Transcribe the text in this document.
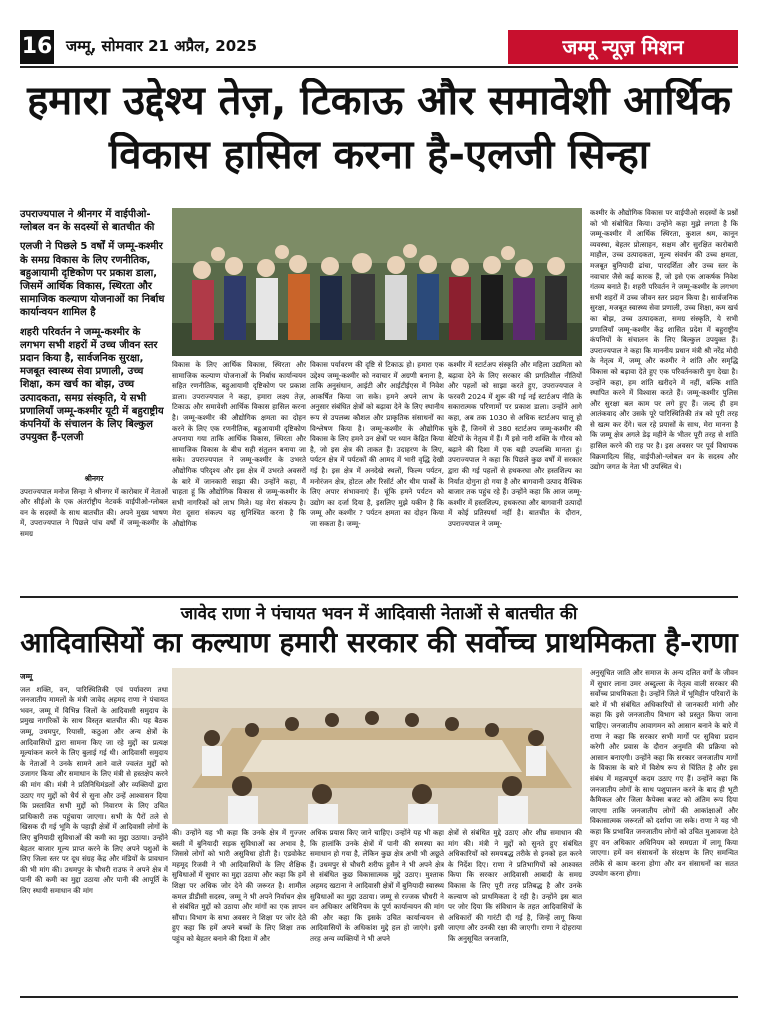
16 जम्मू, सोमवार 21 अप्रैल, 2025	जम्मू न्यूज़ मिशन
हमारा उद्देश्य तेज़, टिकाऊ और समावेशी आर्थिक
विकास हासिल करना है-एलजी सिन्हा

उपराज्यपाल ने श्रीनगर में वाईपीओ-ग्लोबल वन के सदस्यों से बातचीत की

एलजी ने पिछले 5 वर्षों में जम्मू-कश्मीर के समग्र विकास के लिए रणनीतिक, बहुआयामी दृष्टिकोण पर प्रकाश डाला, जिसमें आर्थिक विकास, स्थिरता और सामाजिक कल्याण योजनाओं का निर्बाध कार्यान्वयन शामिल है

शहरी परिवर्तन ने जम्मू-कश्मीर के लगभग सभी शहरों में उच्च जीवन स्तर प्रदान किया है, सार्वजनिक सुरक्षा, मजबूत स्वास्थ्य सेवा प्रणाली, उच्च शिक्षा, कम खर्च का बोझ, उच्च उत्पादकता, समग्र संस्कृति, ये सभी प्रणालियाँ जम्मू-कश्मीर यूटी में बहुराष्ट्रीय कंपनियों के संचालन के लिए बिल्कुल उपयुक्त हैं-एलजी

श्रीनगर

उपराज्यपाल मनोज सिन्हा ने श्रीनगर में कारोबार में नेताओं और सीईओ के एक अंतर्राष्ट्रीय नेटवर्क वाईपीओ-ग्लोबल वन के सदस्यों के साथ बातचीत की। अपने मुख्य भाषण में, उपराज्यपाल ने पिछले पांच वर्षों में जम्मू-कश्मीर के समग्र

विकास के लिए आर्थिक विकास, स्थिरता और सामाजिक कल्याण योजनाओं के निर्बाध कार्यान्वयन सहित रणनीतिक, बहुआयामी दृष्टिकोण पर प्रकाश डाला। उपराज्यपाल ने कहा, हमारा लक्ष्य तेज़, टिकाऊ और समावेशी आर्थिक विकास हासिल करना है। जम्मू-कश्मीर की औद्योगिक क्षमता का दोहन करने के लिए एक रणनीतिक, बहुआयामी दृष्टिकोण अपनाया गया ताकि आर्थिक विकास, स्थिरता और सामाजिक विकास के बीच सही संतुलन बनाया जा सके। उपराज्यपाल ने जम्मू-कश्मीर के उभरते औद्योगिक परिदृश्य और इस क्षेत्र में उभरते अवसरों के बारे में जानकारी साझा की। उन्होंने कहा, मैं चाहता हूं कि औद्योगिक विकास से जम्मू-कश्मीर के सभी नागरिकों को लाभ मिले। यह मेरा संकल्प है। मेरा दूसरा संकल्प यह सुनिश्चित करना है कि औद्योगिक

विकास पर्यावरण की दृष्टि से टिकाऊ हो। हमारा एक उद्देश्य जम्मू-कश्मीर को नवाचार में अग्रणी बनाना है, ताकि अनुसंधान, आईटी और आईटीईएस में निवेश आकर्षित किया जा सके। हमने अपने लाभ के अनुसार संबंधित क्षेत्रों को बढ़ावा देने के लिए स्थानीय रूप से उपलब्ध कौशल और प्राकृतिक संसाधनों का विश्लेषण किया है। जम्मू-कश्मीर के औद्योगिक विकास के लिए हमने उन क्षेत्रों पर ध्यान केंद्रित किया है, जो इस क्षेत्र की ताकत हैं। उदाहरण के लिए, पर्यटन क्षेत्र में पर्यटकों की आमद में भारी वृद्धि देखी गई है। इस क्षेत्र में अनदेखे स्थलों, फिल्म पर्यटन, मनोरंजन क्षेत्र, होटल और रिसॉर्ट और थीम पार्कों के लिए अपार संभावनाएं हैं। चूंकि हमने पर्यटन को उद्योग का दर्जा दिया है, इसलिए मुझे यकीन है कि जम्मू और कश्मीर ? पर्यटन क्षमता का दोहन किया जा सकता है। जम्मू-

कश्मीर में स्टार्टअप संस्कृति और महिला उद्यमिता को बढ़ावा देने के लिए सरकार की प्रगतिशील नीतियों और पहलों को साझा करते हुए, उपराज्यपाल ने फरवरी 2024 में शुरू की गई नई स्टार्टअप नीति के सकारात्मक परिणामों पर प्रकाश डाला। उन्होंने आगे कहा, अब तक 1030 से अधिक स्टार्टअप चालू हो चुके हैं, जिनमें से 380 स्टार्टअप जम्मू-कश्मीर की बेटियों के नेतृत्व में हैं। मैं इसे नारी शक्ति के गौरव को बढ़ाने की दिशा में एक बड़ी उपलब्धि मानता हूं। उपराज्यपाल ने कहा कि पिछले कुछ वर्षों में सरकार द्वारा की गई पहलों से हथकरघा और हस्तशिल्प का निर्यात दोगुना हो गया है और बागवानी उत्पाद वैश्विक बाजार तक पहुंच रहे हैं। उन्होंने कहा कि आज जम्मू-कश्मीर में हस्तशिल्प, हथकरघा और बागवानी उत्पादों में कोई प्रतिस्पर्धा नहीं है। बातचीत के दौरान, उपराज्यपाल ने जम्मू-

कश्मीर के औद्योगिक विकास पर वाईपीओ सदस्यों के प्रश्नों को भी संबोधित किया। उन्होंने कहा मुझे लगता है कि जम्मू-कश्मीर में आर्थिक स्थिरता, कुशल श्रम, कानून व्यवस्था, बेहतर प्रोत्साहन, सक्षम और सुरक्षित कारोबारी माहौल, उच्च उत्पादकता, मूल्य संवर्धन की उच्च क्षमता, मजबूत बुनियादी ढांचा, पारदर्शिता और उच्च स्तर के नवाचार जैसे कई कारक हैं, जो इसे एक आकर्षक निवेश गंतव्य बनाते हैं। शहरी परिवर्तन ने जम्मू-कश्मीर के लगभग सभी शहरों में उच्च जीवन स्तर प्रदान किया है। सार्वजनिक सुरक्षा, मजबूत स्वास्थ्य सेवा प्रणाली, उच्च शिक्षा, कम खर्च का बोझ, उच्च उत्पादकता, समग्र संस्कृति, ये सभी प्रणालियाँ जम्मू-कश्मीर केंद्र शासित प्रदेश में बहुराष्ट्रीय कंपनियों के संचालन के लिए बिल्कुल उपयुक्त हैं। उपराज्यपाल ने कहा कि माननीय प्रधान मंत्री श्री नरेंद्र मोदी के नेतृत्व में, जम्मू और कश्मीर ने शांति और समृद्धि विकास को बढ़ावा देते हुए एक परिवर्तनकारी युग देखा है। उन्होंने कहा, हम शांति खरीदने में नहीं, बल्कि शांति स्थापित करने में विश्वास करते हैं। जम्मू-कश्मीर पुलिस और सुरक्षा बल काम पर लगे हुए हैं। जल्द ही हम आतंकवाद और उसके पूरे पारिस्थितिकी तंत्र को पूरी तरह से खत्म कर देंगे। चल रहे प्रयासों के साथ, मेरा मानना है कि जम्मू क्षेत्र अगले डेढ़ महीने के भीतर पूरी तरह से शांति हासिल करने की राह पर है। इस अवसर पर पूर्व विधायक विक्रमादित्य सिंह, वाईपीओ-ग्लोबल वन के सदस्य और उद्योग जगत के नेता भी उपस्थित थे।

जावेद राणा ने पंचायत भवन में आदिवासी नेताओं से बातचीत की
आदिवासियों का कल्याण हमारी सरकार की सर्वोच्च प्राथमिकता है-राणा
जम्मू

जल शक्ति, वन, पारिस्थितिकी एवं पर्यावरण तथा जनजातीय मामलों के मंत्री जावेद अहमद राणा ने पंचायत भवन, जम्मू में विभिन्न जिलों के आदिवासी समुदाय के प्रमुख नागरिकों के साथ विस्तृत बातचीत की। यह बैठक जम्मू, उधमपुर, रियासी, कठुआ और अन्य क्षेत्रों के आदिवासियों द्वारा सामना किए जा रहे मुद्दों का प्रत्यक्ष मूल्यांकन करने के लिए बुलाई गई थी। आदिवासी समुदाय के नेताओं ने उनके सामने आने वाले ज्वलंत मुद्दों को उजागर किया और समाधान के लिए मंत्री से हस्तक्षेप करने की मांग की। मंत्री ने प्रतिनिधिमंडलों और व्यक्तियों द्वारा उठाए गए मुद्दों को धैर्य से सुना और उन्हें आश्वासन दिया कि प्रस्तावित सभी मुद्दों को निवारण के लिए उचित प्राधिकारी तक पहुंचाया जाएगा। सभी के पैरों तले से खिसक दी गई भूमि के पहाड़ी क्षेत्रों में आदिवासी लोगों के लिए बुनियादी सुविधाओं की कमी का मुद्दा उठाया। उन्होंने बेहतर बाजार मूल्य प्राप्त करने के लिए अपने पशुओं के लिए जिला स्तर पर दूध संग्रह केंद्र और मंडियों के प्रावधान की भी मांग की। उधमपुर के चौधरी राउफ ने अपने क्षेत्र में पानी की कमी का मुद्दा उठाया और पानी की आपूर्ति के लिए स्थायी समाधान की मांग

की। उन्होंने यह भी कहा कि उनके क्षेत्र में गुज्जर बस्ती में बुनियादी सड़क सुविधाओं का अभाव है, जिससे लोगों को भारी असुविधा होती है। एडवोकेट महमूद रिजवी ने भी आदिवासियों के लिए शैक्षिक सुविधाओं में सुधार का मुद्दा उठाया और कहा कि हमें शिक्षा पर अधिक जोर देने की जरूरत है। शामील कमल डीडीसी सदस्य, जम्मू ने भी अपने निर्वाचन क्षेत्र से संबंधित मुद्दों को उठाया और मांगों का एक ज्ञापन सौंपा। विभाग के सभा अवसर ने शिक्षा पर जोर देते हुए कहा कि हमें अपने बच्चों के लिए शिक्षा तक पहुंच को बेहतर बनाने की दिशा में और

अधिक प्रयास किए जाने चाहिए। उन्होंने यह भी कहा कि हालांकि उनके क्षेत्रों में पानी की समस्या का समाधान हो गया है, लेकिन कुछ क्षेत्र अभी भी अछूते हैं। उधमपुर से चौधरी शरीफ हुसैन ने भी अपने क्षेत्र से संबंधित कुछ विकासात्मक मुद्दे उठाए। मुश्ताक अहमद खटाना ने आदिवासी क्षेत्रों में बुनियादी स्वास्थ्य सुविधाओं का मुद्दा उठाया। जम्मू से रज्जक चौधरी ने वन अधिकार अधिनियम के पूर्ण कार्यान्वयन की मांग की और कहा कि इसके उचित कार्यान्वयन से आदिवासियों के अधिकांश मुद्दे हल हो जाएंगे। इसी तरह अन्य व्यक्तियों ने भी अपने

क्षेत्रों से संबंधित मुद्दे उठाए और शीघ्र समाधान की मांग की। मंत्री ने मुद्दों को सुनते हुए संबंधित अधिकारियों को समयबद्ध तरीके से इनको हल करने के निर्देश दिए। राणा ने प्रतिभागियों को आश्वस्त किया कि सरकार आदिवासी आबादी के समग्र विकास के लिए पूरी तरह प्रतिबद्ध है और उनके कल्याण को प्राथमिकता दे रही है। उन्होंने इस बात पर जोर दिया कि संविधान के तहत आदिवासियों के अधिकारों की गारंटी दी गई है, जिन्हें लागू किया जाएगा और उनकी रक्षा की जाएगी। राणा ने दोहराया कि अनुसूचित जनजाति,

अनुसूचित जाति और समाज के अन्य दलित वर्गों के जीवन में सुधार लाना उमर अब्दुल्ला के नेतृत्व वाली सरकार की सर्वोच्च प्राथमिकता है। उन्होंने जिले में भूमिहीन परिवारों के बारे में भी संबंधित अधिकारियों से जानकारी मांगी और कहा कि इसे जनजातीय विभाग को प्रस्तुत किया जाना चाहिए। जनजातीय आवागमन को आसान बनाने के बारे में राणा ने कहा कि सरकार सभी मार्गों पर सुविधा प्रदान करेगी और प्रवास के दौरान अनुमति की प्रक्रिया को आसान बनाएगी। उन्होंने कहा कि सरकार जनजातीय मार्गों के विकास के बारे में विशेष रूप से चिंतित है और इस संबंध में महत्वपूर्ण कदम उठाए गए हैं। उन्होंने कहा कि जनजातीय लोगों के साथ पशुपालन करने के बाद ही भूटी कैमिकल और जिला कैपेक्स बजट को अंतिम रूप दिया जाएगा ताकि जनजातीय लोगों की आकांक्षाओं और विकासात्मक जरूरतों को दर्शाया जा सके। राणा ने यह भी कहा कि प्रभावित जनजातीय लोगों को उचित मुआवजा देते हुए वन अधिकार अधिनियम को समग्रता में लागू किया जाएगा। हमें वन संसाधनों के संरक्षण के लिए समन्वित तरीके से काम करना होगा और वन संसाधनों का सतत उपयोग करना होगा।
